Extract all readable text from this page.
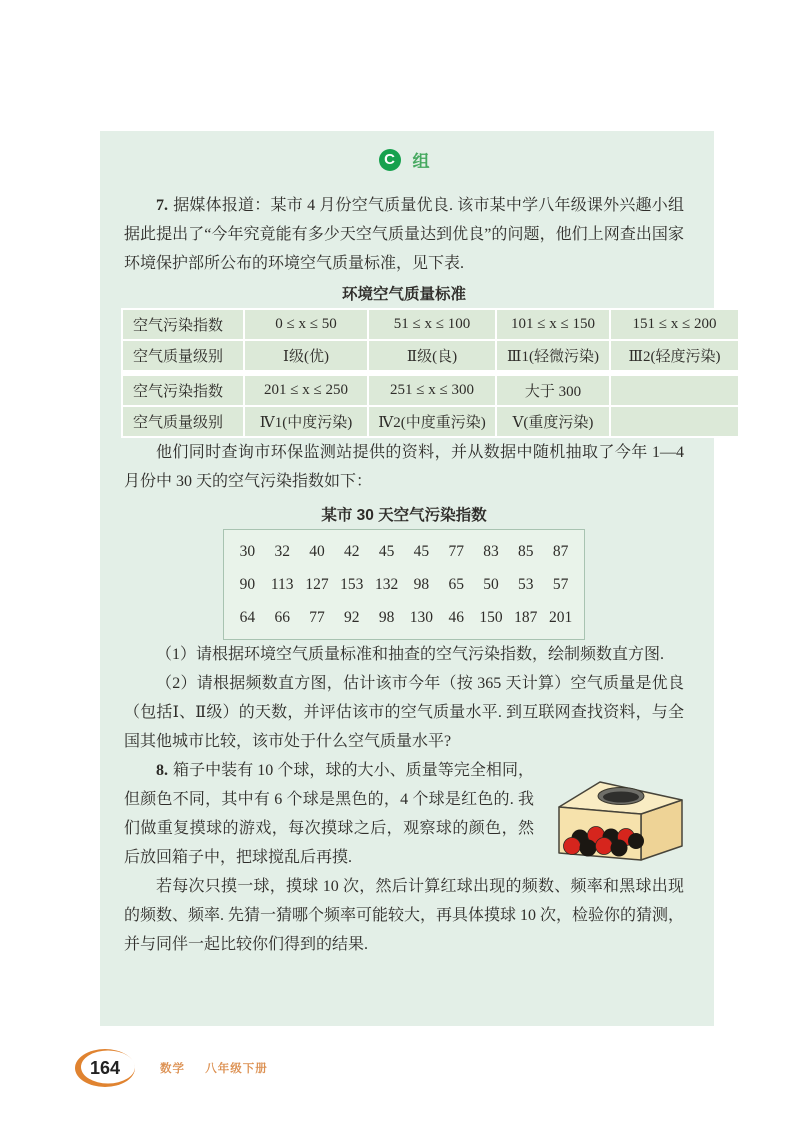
C 组

7. 据媒体报道：某市 4 月份空气质量优良. 该市某中学八年级课外兴趣小组据此提出了“今年究竟能有多少天空气质量达到优良”的问题，他们上网查出国家环境保护部所公布的环境空气质量标准，见下表.

环境空气质量标准
空气污染指数	0 ≤ x ≤ 50	51 ≤ x ≤ 100	101 ≤ x ≤ 150	151 ≤ x ≤ 200
空气质量级别	Ⅰ级(优)	Ⅱ级(良)	Ⅲ1(轻微污染)	Ⅲ2(轻度污染)

空气污染指数	201 ≤ x ≤ 250	251 ≤ x ≤ 300	大于 300	
空气质量级别	Ⅳ1(中度污染)	Ⅳ2(中度重污染)	Ⅴ(重度污染)	

他们同时查询市环保监测站提供的资料，并从数据中随机抽取了今年 1—4 月份中 30 天的空气污染指数如下：

某市 30 天空气污染指数
30	32	40	42	45	45	77	83	85	87
90	113 127 153 132 98	65	50	53	57
64	66	77	92	98 130 46 150 187 201

（1）请根据环境空气质量标准和抽查的空气污染指数，绘制频数直方图.

（2）请根据频数直方图，估计该市今年（按 365 天计算）空气质量是优良（包括Ⅰ、Ⅱ级）的天数，并评估该市的空气质量水平. 到互联网查找资料，与全国其他城市比较，该市处于什么空气质量水平?

8. 箱子中装有 10 个球，球的大小、质量等完全相同，但颜色不同，其中有 6 个球是黑色的，4 个球是红色的. 我们做重复摸球的游戏，每次摸球之后，观察球的颜色，然后放回箱子中，把球搅乱后再摸.

若每次只摸一球，摸球 10 次，然后计算红球出现的频数、频率和黑球出现的频数、频率. 先猜一猜哪个频率可能较大，再具体摸球 10 次，检验你的猜测，并与同伴一起比较你们得到的结果.

164	数学 八年级下册
